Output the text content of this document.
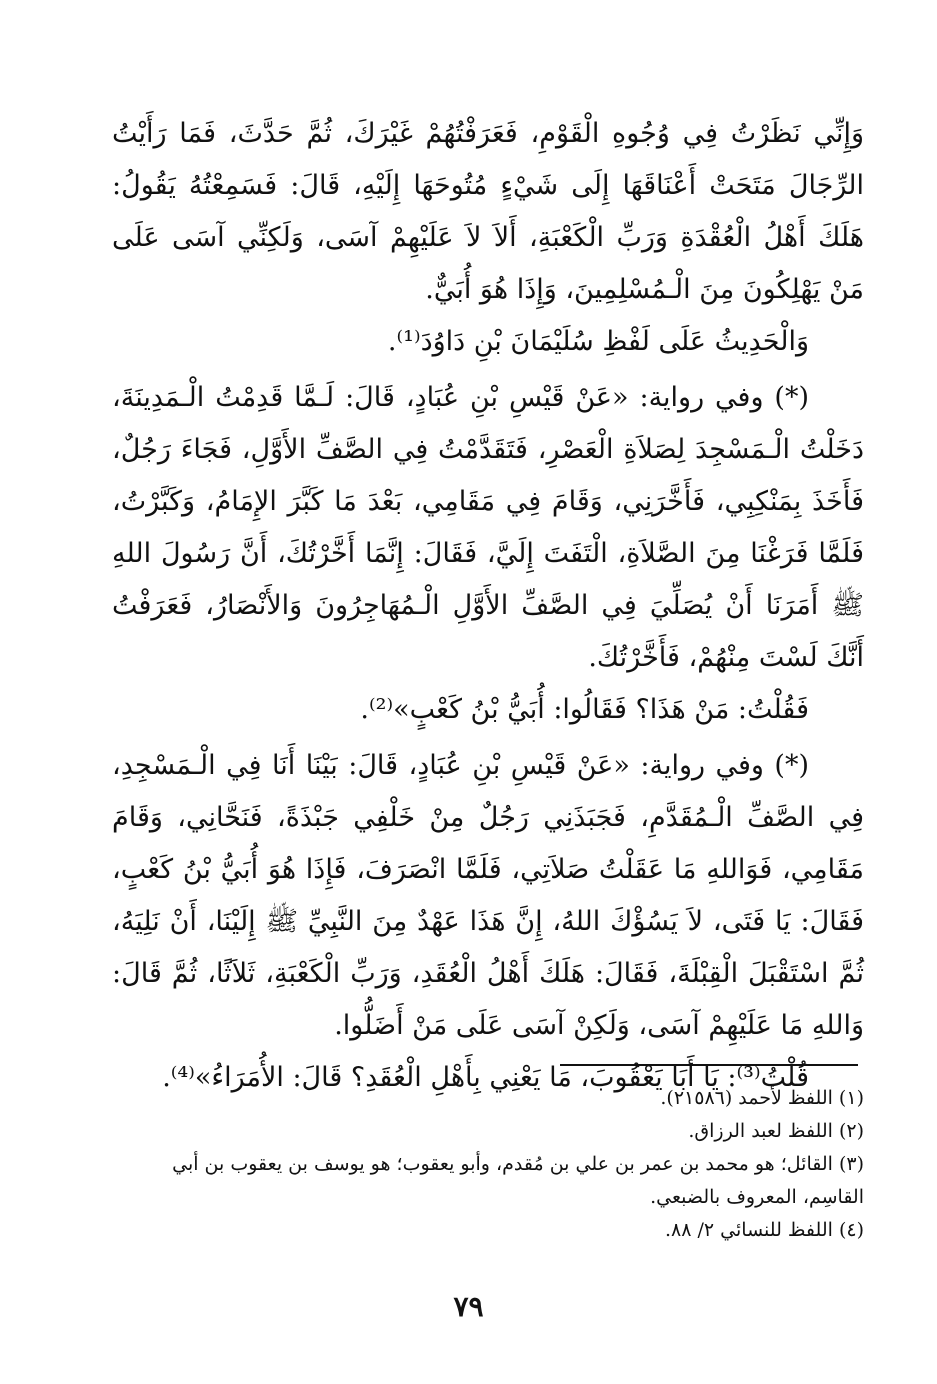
وَإِنِّي نَظَرْتُ فِي وُجُوهِ الْقَوْمِ، فَعَرَفْتُهُمْ غَيْرَكَ، ثُمَّ حَدَّثَ، فَمَا رَأَيْتُ الرِّجَالَ مَتَحَتْ أَعْنَاقَهَا إِلَى شَيْءٍ مُتُوحَهَا إِلَيْهِ، قَالَ: فَسَمِعْتُهُ يَقُولُ: هَلَكَ أَهْلُ الْعُقْدَةِ وَرَبِّ الْكَعْبَةِ، أَلاَ لاَ عَلَيْهِمْ آسَى، وَلَكِنِّي آسَى عَلَى مَنْ يَهْلِكُونَ مِنَ الْـمُسْلِمِينَ، وَإِذَا هُوَ أُبَيٌّ.

وَالْحَدِيثُ عَلَى لَفْظِ سُلَيْمَانَ بْنِ دَاوُدَ⁽¹⁾.

(*) وفي رواية: «عَنْ قَيْسِ بْنِ عُبَادٍ، قَالَ: لَـمَّا قَدِمْتُ الْـمَدِينَةَ، دَخَلْتُ الْـمَسْجِدَ لِصَلاَةِ الْعَصْرِ، فَتَقَدَّمْتُ فِي الصَّفِّ الأَوَّلِ، فَجَاءَ رَجُلٌ، فَأَخَذَ بِمَنْكِبِي، فَأَخَّرَنِي، وَقَامَ فِي مَقَامِي، بَعْدَ مَا كَبَّرَ الإِمَامُ، وَكَبَّرْتُ، فَلَمَّا فَرَغْنَا مِنَ الصَّلاَةِ، الْتَفَتَ إِلَيَّ، فَقَالَ: إِنَّمَا أَخَّرْتُكَ، أَنَّ رَسُولَ اللهِ ﷺ أَمَرَنَا أَنْ يُصَلِّيَ فِي الصَّفِّ الأَوَّلِ الْـمُهَاجِرُونَ وَالأَنْصَارُ، فَعَرَفْتُ أَنَّكَ لَسْتَ مِنْهُمْ، فَأَخَّرْتُكَ.

فَقُلْتُ: مَنْ هَذَا؟ فَقَالُوا: أُبَيُّ بْنُ كَعْبٍ»⁽²⁾.

(*) وفي رواية: «عَنْ قَيْسِ بْنِ عُبَادٍ، قَالَ: بَيْنَا أَنَا فِي الْـمَسْجِدِ، فِي الصَّفِّ الْـمُقَدَّمِ، فَجَبَذَنِي رَجُلٌ مِنْ خَلْفِي جَبْذَةً، فَنَحَّانِي، وَقَامَ مَقَامِي، فَوَاللهِ مَا عَقَلْتُ صَلاَتِي، فَلَمَّا انْصَرَفَ، فَإِذَا هُوَ أُبَيُّ بْنُ كَعْبٍ، فَقَالَ: يَا فَتَى، لاَ يَسُؤْكَ اللهُ، إِنَّ هَذَا عَهْدٌ مِنَ النَّبِيِّ ﷺ إِلَيْنَا، أَنْ نَلِيَهُ، ثُمَّ اسْتَقْبَلَ الْقِبْلَةَ، فَقَالَ: هَلَكَ أَهْلُ الْعُقَدِ، وَرَبِّ الْكَعْبَةِ، ثَلاَثًا، ثُمَّ قَالَ: وَاللهِ مَا عَلَيْهِمْ آسَى، وَلَكِنْ آسَى عَلَى مَنْ أَضَلُّوا.

قُلْتُ⁽³⁾: يَا أَبَا يَعْقُوبَ، مَا يَعْنِي بِأَهْلِ الْعُقَدِ؟ قَالَ: الأُمَرَاءُ»⁽⁴⁾.

(١) اللفظ لأحمد (٢١٥٨٦).

(٢) اللفظ لعبد الرزاق.

(٣) القائل؛ هو محمد بن عمر بن علي بن مُقدم، وأبو يعقوب؛ هو يوسف بن يعقوب بن أبي القاسِم، المعروف بالضبعي.

(٤) اللفظ للنسائي ٢/ ٨٨.

٧٩
